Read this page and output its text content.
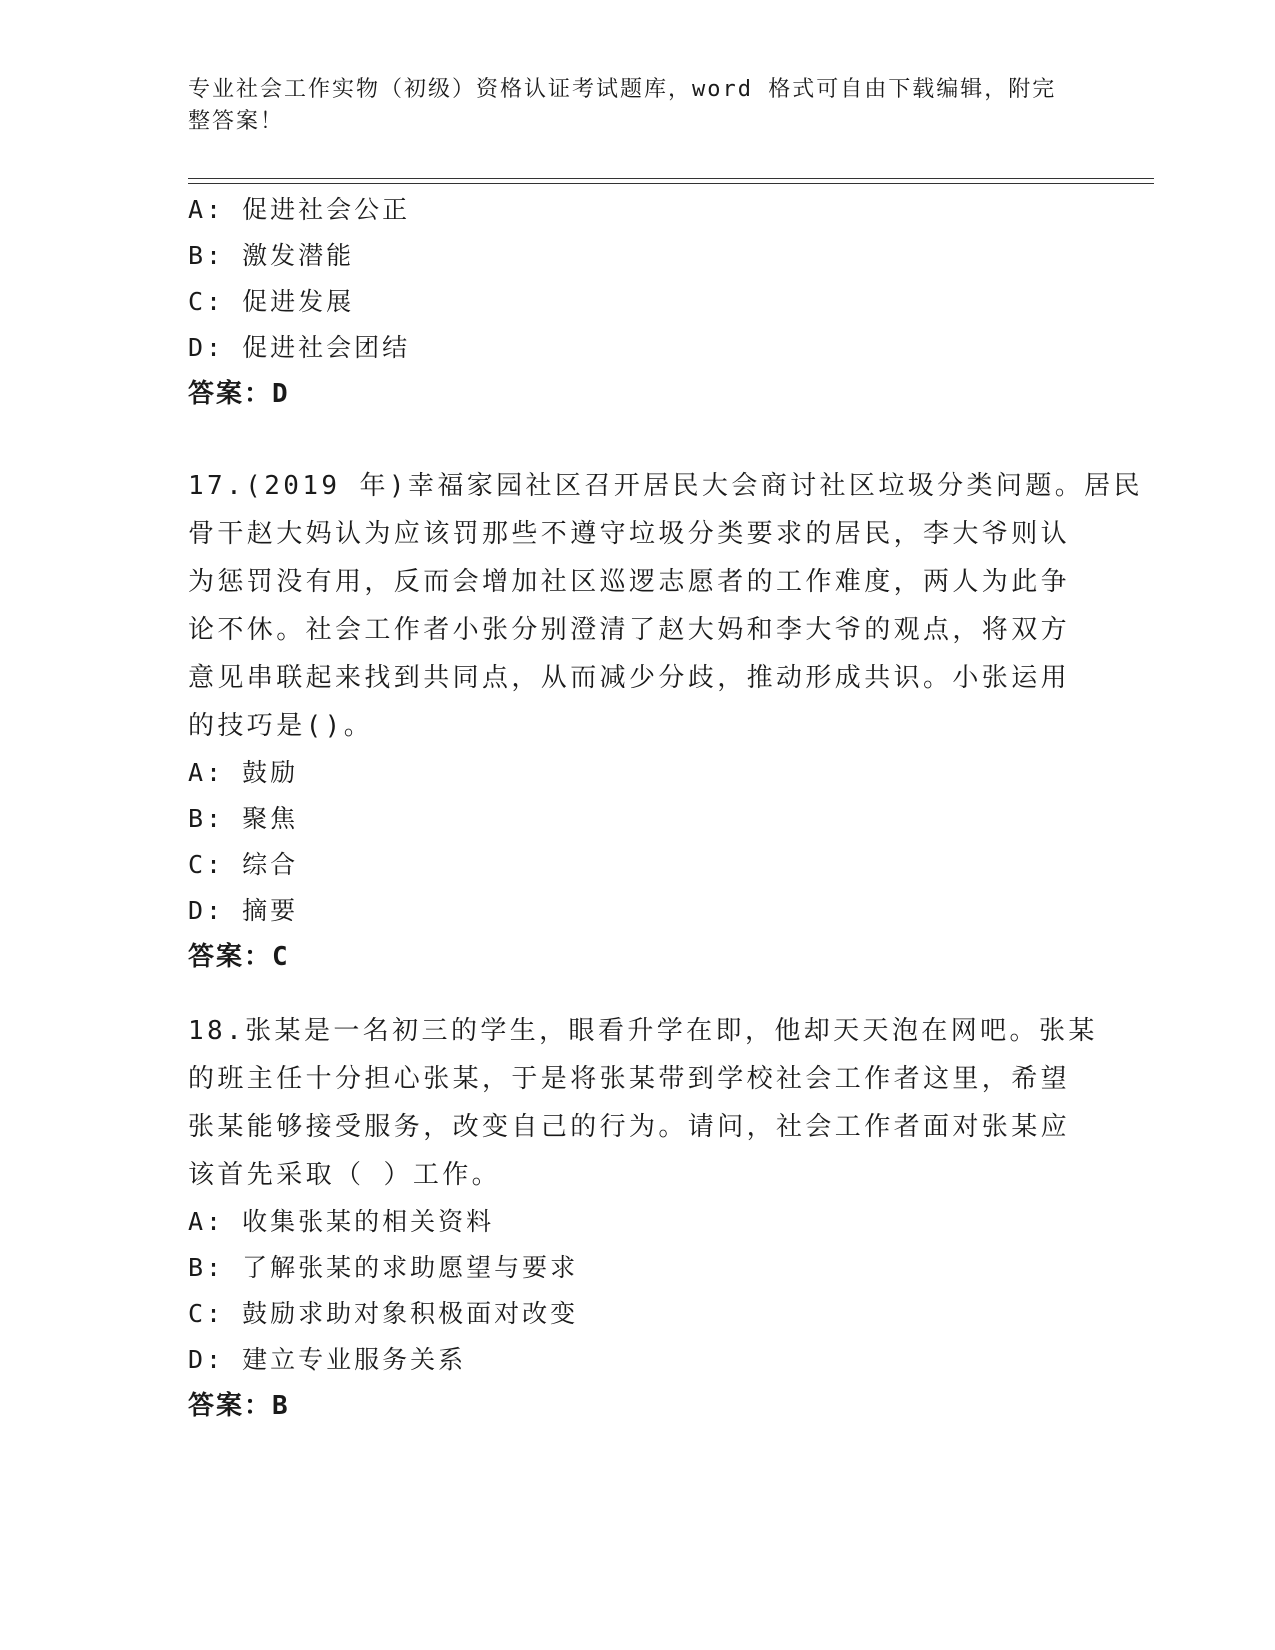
专业社会工作实物（初级）资格认证考试题库，word 格式可自由下载编辑，附完
整答案！
A: 促进社会公正
B: 激发潜能
C: 促进发展
D: 促进社会团结
答案：D
17.(2019 年)幸福家园社区召开居民大会商讨社区垃圾分类问题。居民
骨干赵大妈认为应该罚那些不遵守垃圾分类要求的居民，李大爷则认
为惩罚没有用，反而会增加社区巡逻志愿者的工作难度，两人为此争
论不休。社会工作者小张分别澄清了赵大妈和李大爷的观点，将双方
意见串联起来找到共同点，从而减少分歧，推动形成共识。小张运用
的技巧是()。
A: 鼓励
B: 聚焦
C: 综合
D: 摘要
答案：C
18.张某是一名初三的学生，眼看升学在即，他却天天泡在网吧。张某
的班主任十分担心张某，于是将张某带到学校社会工作者这里，希望
张某能够接受服务，改变自己的行为。请问，社会工作者面对张某应
该首先采取（ ）工作。
A: 收集张某的相关资料
B: 了解张某的求助愿望与要求
C: 鼓励求助对象积极面对改变
D: 建立专业服务关系
答案：B
